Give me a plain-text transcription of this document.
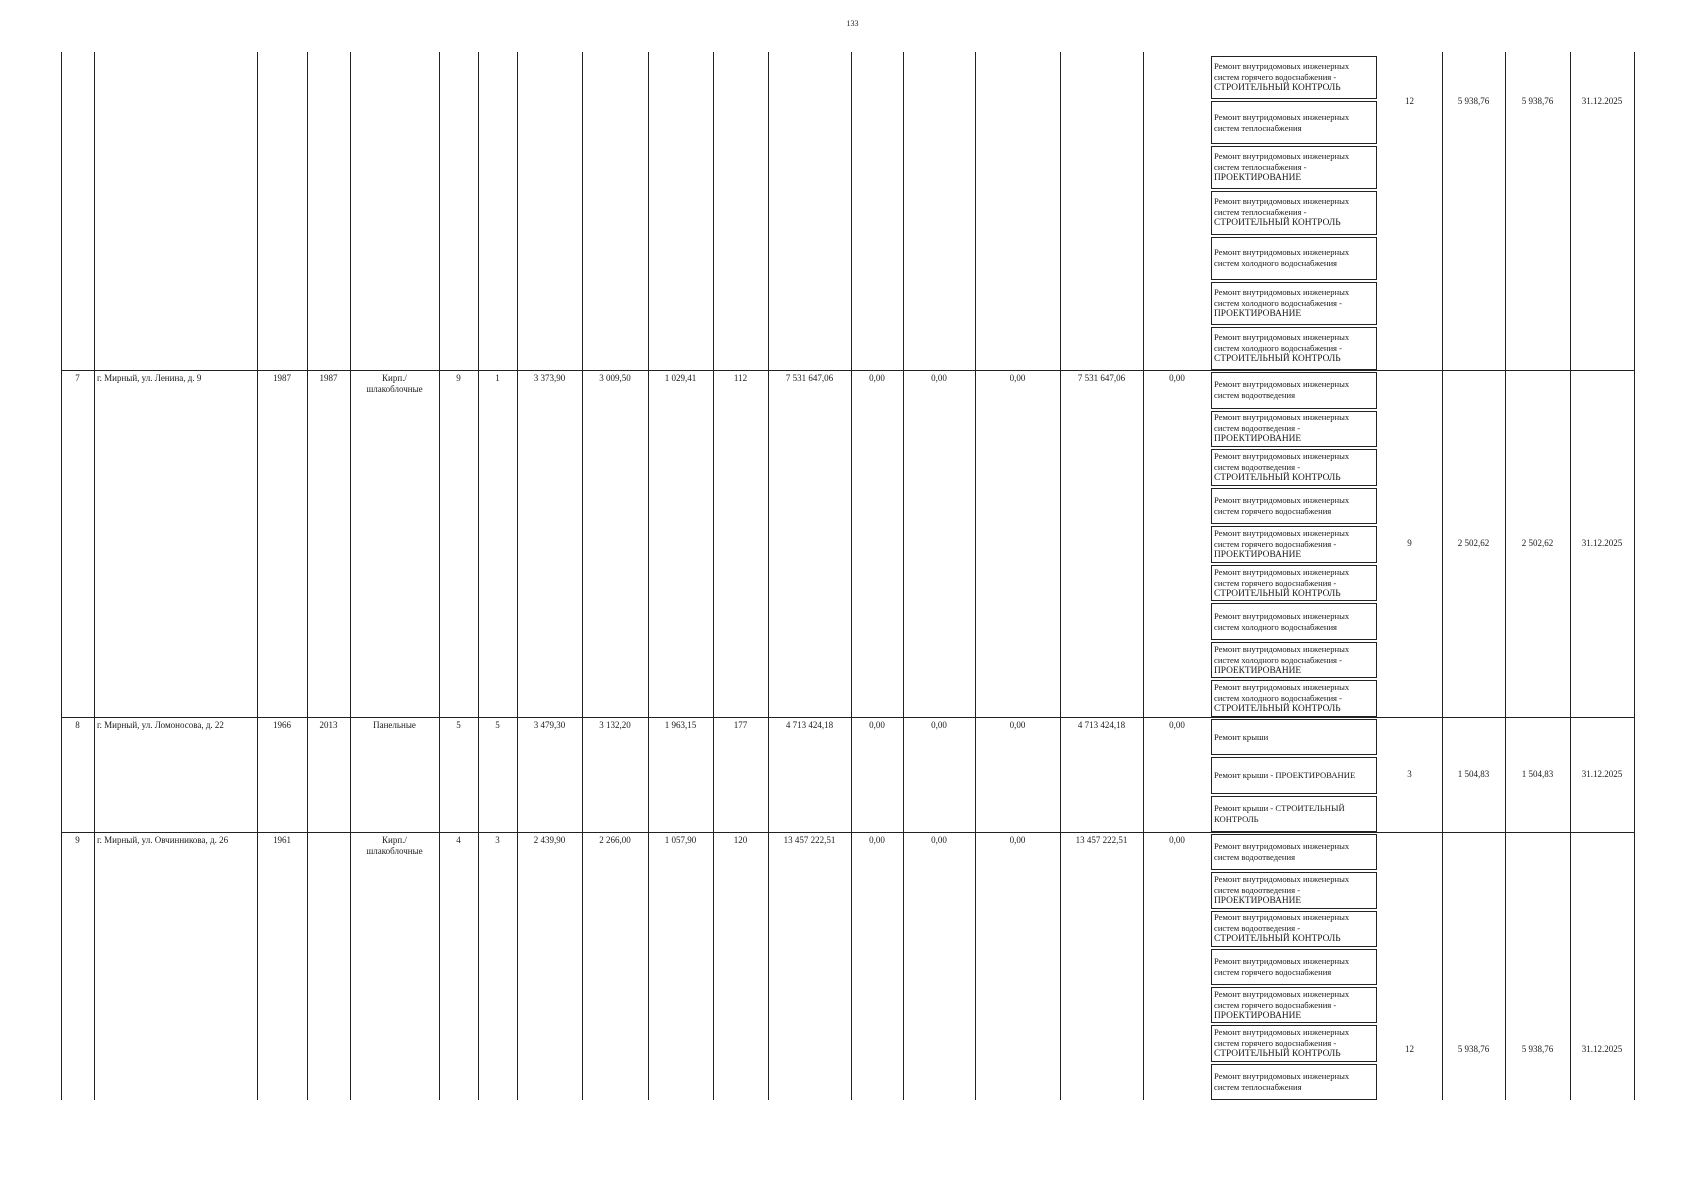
133
Ремонт внутридомовых инженерных систем горячего водоснабжения -
СТРОИТЕЛЬНЫЙ КОНТРОЛЬ
Ремонт внутридомовых инженерных систем теплоснабжения
Ремонт внутридомовых инженерных систем теплоснабжения -
ПРОЕКТИРОВАНИЕ
Ремонт внутридомовых инженерных систем теплоснабжения -
СТРОИТЕЛЬНЫЙ КОНТРОЛЬ
Ремонт внутридомовых инженерных систем холодного водоснабжения
Ремонт внутридомовых инженерных систем холодного водоснабжения -
ПРОЕКТИРОВАНИЕ
Ремонт внутридомовых инженерных систем холодного водоснабжения -
СТРОИТЕЛЬНЫЙ КОНТРОЛЬ
12	5 938,76	5 938,76	31.12.2025
7	г. Мирный, ул. Ленина, д. 9	1987	1987	Кирп./
шлакоблочные
9	1	3 373,90	3 009,50	1 029,41	112	7 531 647,06	0,00	0,00	0,00	7 531 647,06	0,00
Ремонт внутридомовых инженерных систем водоотведения
Ремонт внутридомовых инженерных систем водоотведения -
ПРОЕКТИРОВАНИЕ
Ремонт внутридомовых инженерных систем водоотведения -
СТРОИТЕЛЬНЫЙ КОНТРОЛЬ
Ремонт внутридомовых инженерных систем горячего водоснабжения
Ремонт внутридомовых инженерных систем горячего водоснабжения -
ПРОЕКТИРОВАНИЕ
Ремонт внутридомовых инженерных систем горячего водоснабжения -
СТРОИТЕЛЬНЫЙ КОНТРОЛЬ
Ремонт внутридомовых инженерных систем холодного водоснабжения
Ремонт внутридомовых инженерных систем холодного водоснабжения -
ПРОЕКТИРОВАНИЕ
Ремонт внутридомовых инженерных систем холодного водоснабжения -
СТРОИТЕЛЬНЫЙ КОНТРОЛЬ
9	2 502,62	2 502,62	31.12.2025
8	г. Мирный, ул. Ломоносова, д. 22	1966	2013	Панельные	5	5	3 479,30	3 132,20	1 963,15	177	4 713 424,18	0,00	0,00	0,00	4 713 424,18	0,00
Ремонт крыши
Ремонт крыши - ПРОЕКТИРОВАНИЕ
Ремонт крыши - СТРОИТЕЛЬНЫЙ КОНТРОЛЬ
3	1 504,83	1 504,83	31.12.2025
9	г. Мирный, ул. Овчинникова, д. 26	1961	Кирп./
шлакоблочные
4	3	2 439,90	2 266,00	1 057,90	120	13 457 222,51	0,00	0,00	0,00	13 457 222,51	0,00
Ремонт внутридомовых инженерных систем водоотведения
Ремонт внутридомовых инженерных систем водоотведения -
ПРОЕКТИРОВАНИЕ
Ремонт внутридомовых инженерных систем водоотведения -
СТРОИТЕЛЬНЫЙ КОНТРОЛЬ
Ремонт внутридомовых инженерных систем горячего водоснабжения
Ремонт внутридомовых инженерных систем горячего водоснабжения -
ПРОЕКТИРОВАНИЕ
Ремонт внутридомовых инженерных систем горячего водоснабжения -
СТРОИТЕЛЬНЫЙ КОНТРОЛЬ
Ремонт внутридомовых инженерных систем теплоснабжения
12	5 938,76	5 938,76	31.12.2025
